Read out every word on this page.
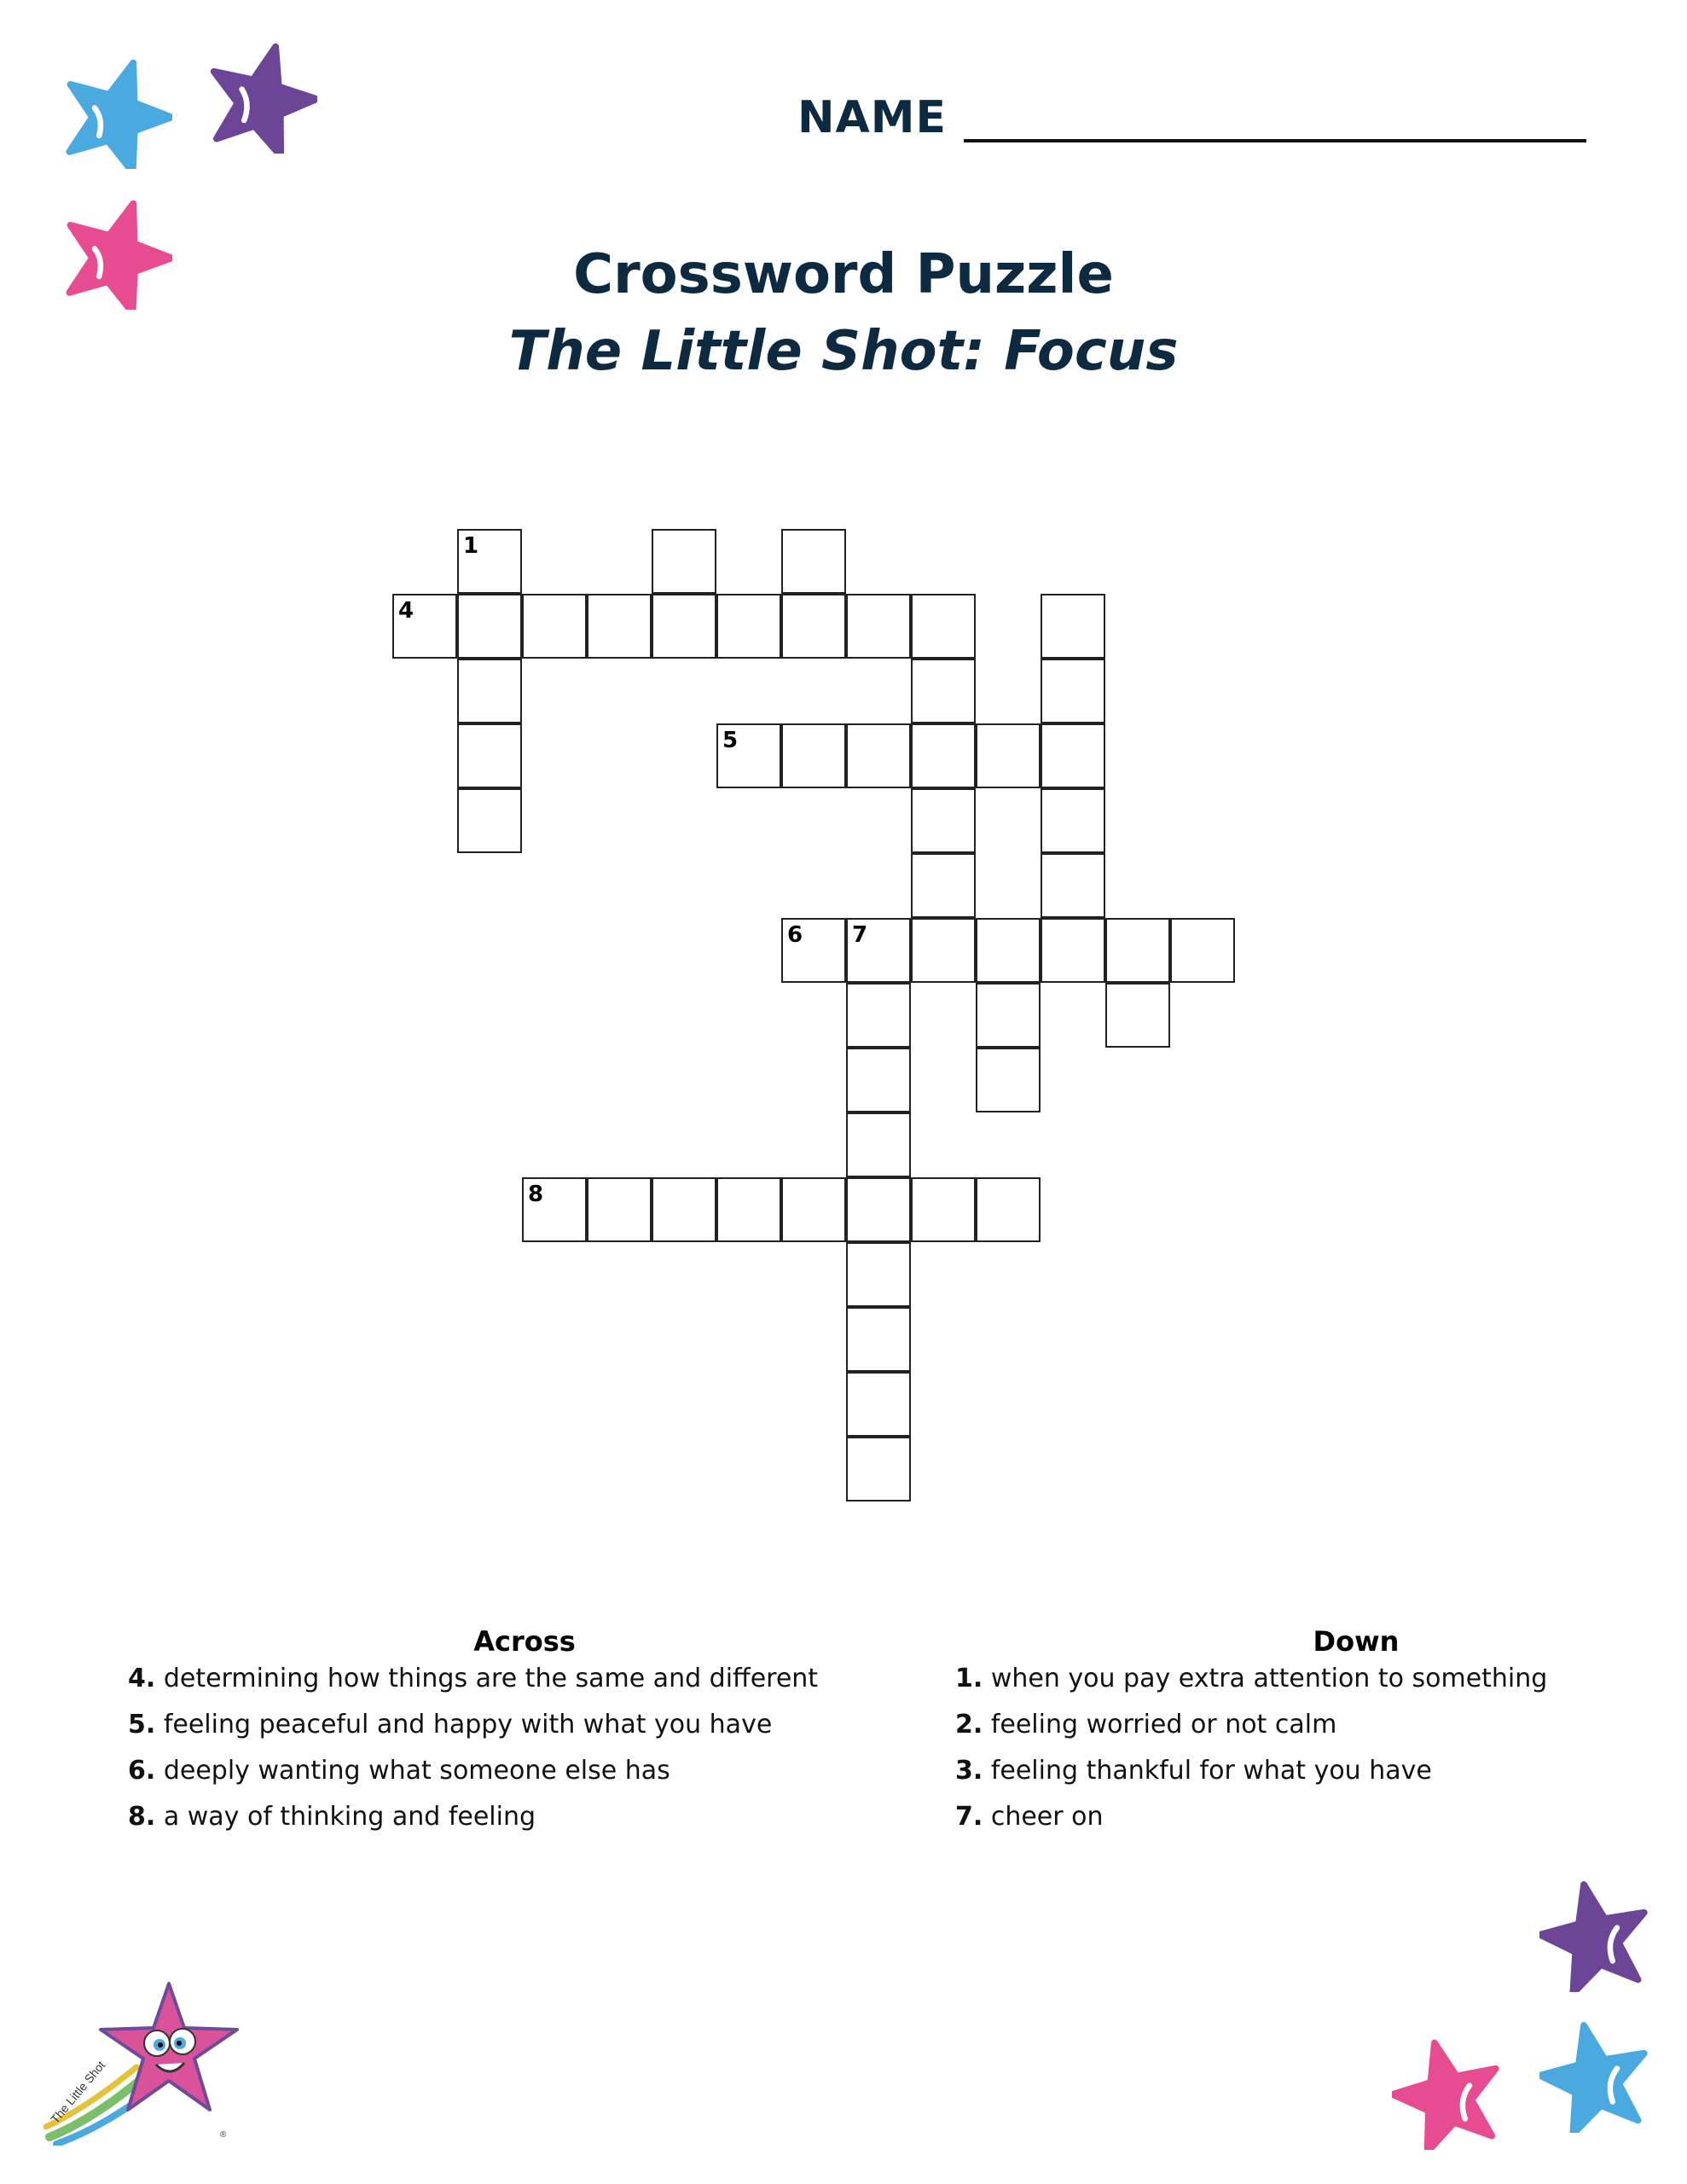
NAME
Crossword Puzzle
The Little Shot: Focus
1
4
5
6 7
8
Across
4. determining how things are the same and different
5. feeling peaceful and happy with what you have
6. deeply wanting what someone else has
8. a way of thinking and feeling
Down
1. when you pay extra attention to something
2. feeling worried or not calm
3. feeling thankful for what you have
7. cheer on
The Little Shot
®
